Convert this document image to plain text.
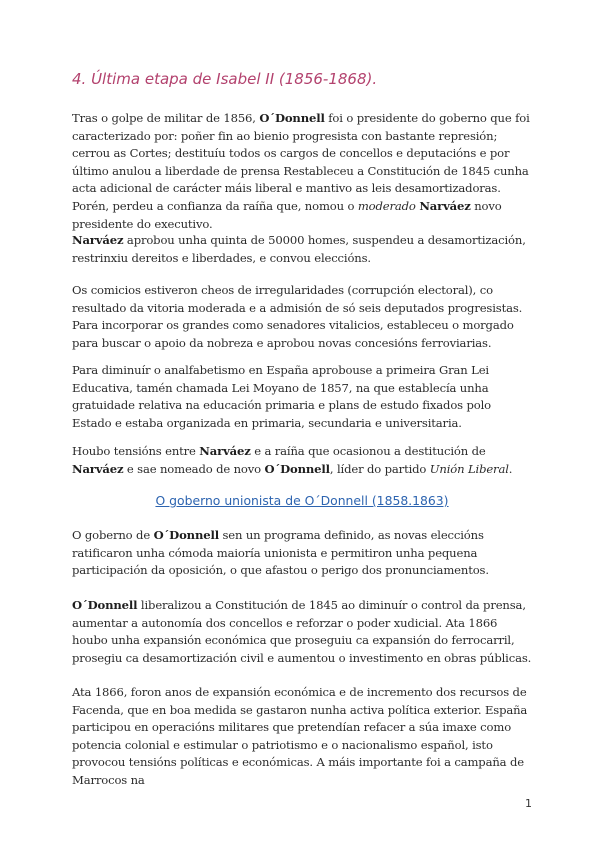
4. Última etapa de Isabel II (1856-1868).

Tras o golpe de militar de 1856, O´Donnell foi o presidente do goberno que foi caracterizado por: poñer fin ao bienio progresista con bastante represión; cerrou as Cortes; destituíu todos os cargos de concellos e deputacións e por último anulou a liberdade de prensa Restableceu a Constitución de 1845 cunha acta adicional de carácter máis liberal e mantivo as leis desamortizadoras. Porén, perdeu a confianza da raíña que, nomou o moderado Narváez novo presidente do executivo.

Narváez aprobou unha quinta de 50000 homes, suspendeu a desamortización, restrinxiu dereitos e liberdades, e convou eleccións.

Os comicios estiveron cheos de irregularidades (corrupción electoral), co resultado da vitoria moderada e a admisión de só seis deputados progresistas. Para incorporar os grandes como senadores vitalicios, estableceu o morgado para buscar o apoio da nobreza e aprobou novas concesións ferroviarias.

Para diminuír o analfabetismo en España aprobouse a primeira Gran Lei Educativa, tamén chamada Lei Moyano de 1857, na que establecía unha gratuidade relativa na educación primaria e plans de estudo fixados polo Estado e estaba organizada en primaria, secundaria e universitaria.

Houbo tensións entre Narváez e a raíña que ocasionou a destitución de Narváez e sae nomeado de novo O´Donnell, líder do partido Unión Liberal.

O goberno unionista de O´Donnell (1858.1863)

O goberno de O´Donnell sen un programa definido, as novas eleccións ratificaron unha cómoda maioría unionista e permitiron unha pequena participación da oposición, o que afastou o perigo dos pronunciamentos.

O´Donnell liberalizou a Constitución de 1845 ao diminuír o control da prensa, aumentar a autonomía dos concellos e reforzar o poder xudicial. Ata 1866 houbo unha expansión económica que proseguiu ca expansión do ferrocarril, prosegiu ca desamortización civil e aumentou o investimento en obras públicas.

Ata 1866, foron anos de expansión económica e de incremento dos recursos de Facenda, que en boa medida se gastaron nunha activa política exterior. España participou en operacións militares que pretendían refacer a súa imaxe como potencia colonial e estimular o patriotismo e o nacionalismo español, isto provocou tensións políticas e económicas. A máis importante foi a campaña de Marrocos na

1
